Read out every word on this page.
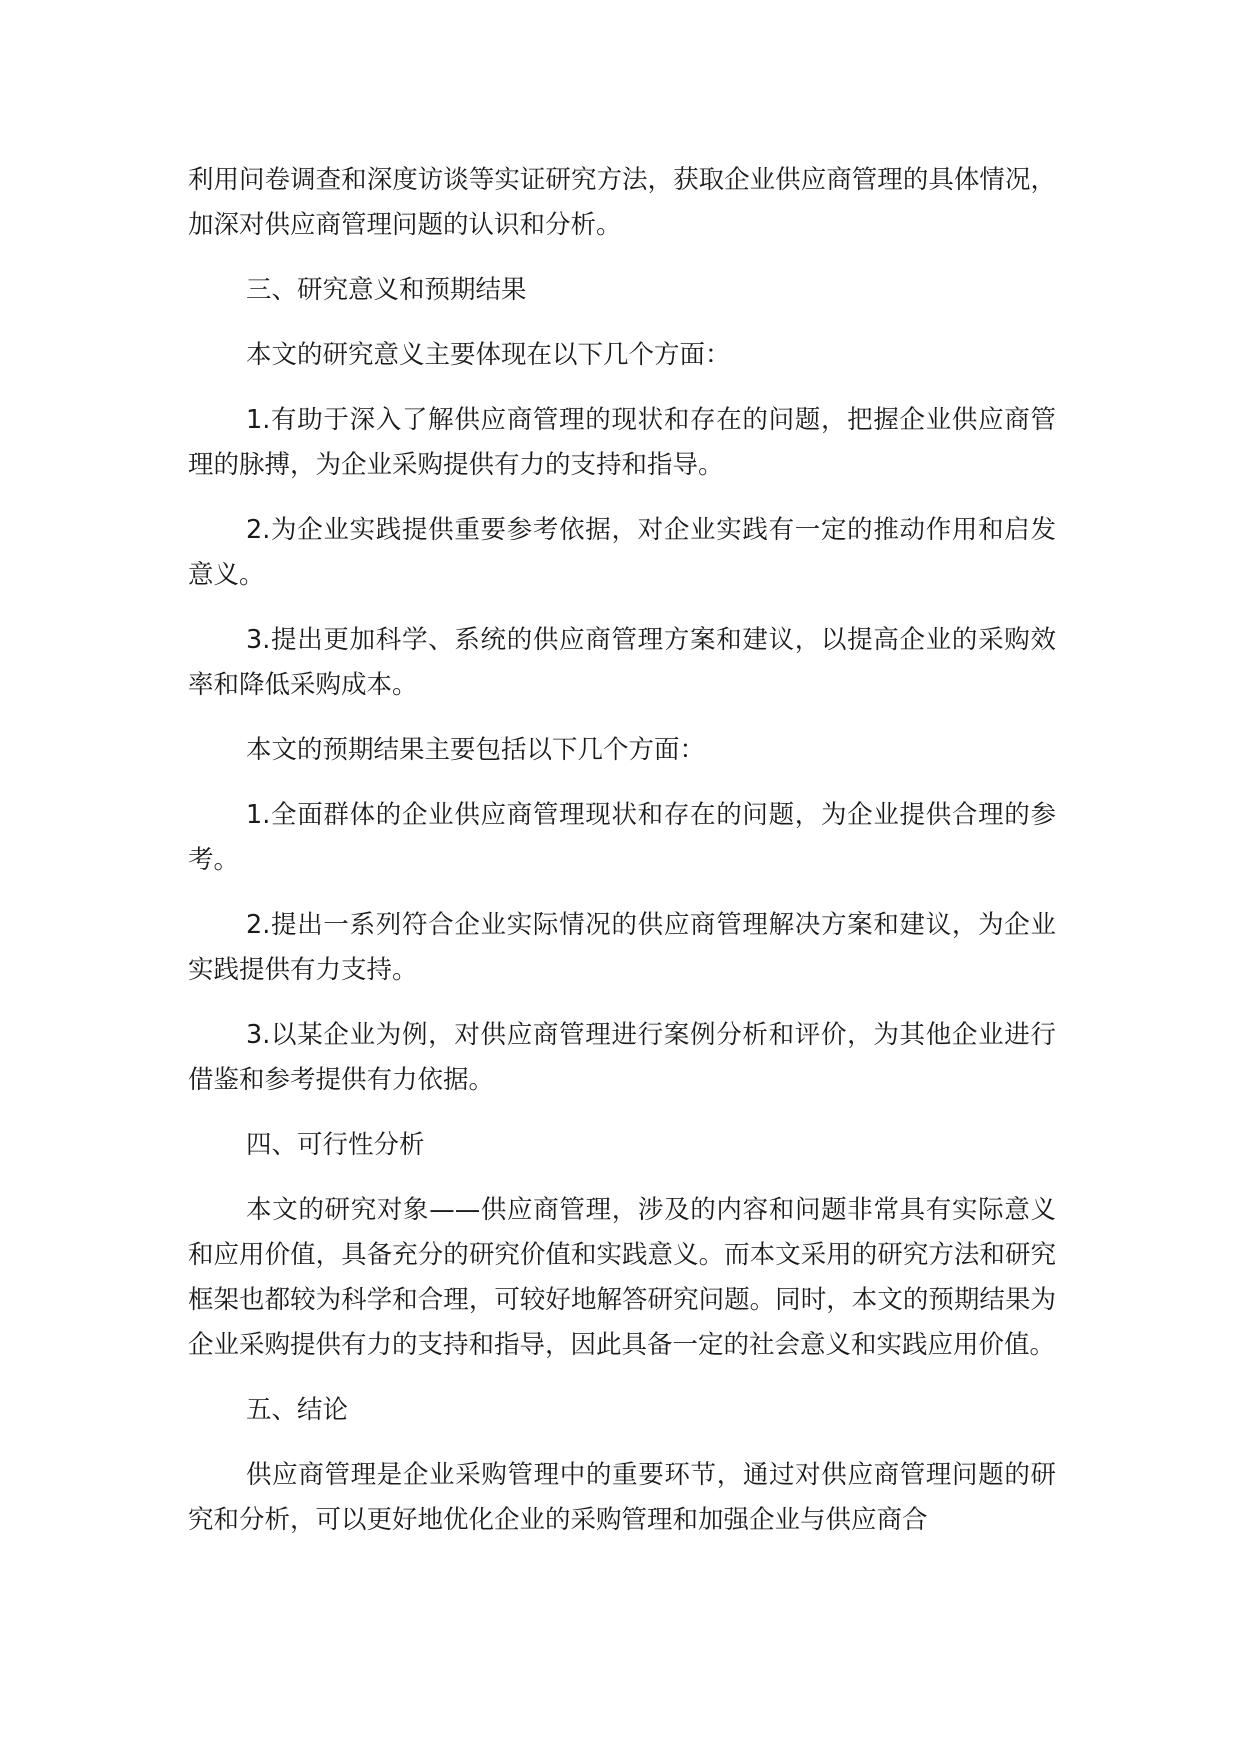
利用问卷调查和深度访谈等实证研究方法，获取企业供应商管理的具体情况，加深对供应商管理问题的认识和分析。

三、研究意义和预期结果

本文的研究意义主要体现在以下几个方面：

1.有助于深入了解供应商管理的现状和存在的问题，把握企业供应商管理的脉搏，为企业采购提供有力的支持和指导。

2.为企业实践提供重要参考依据，对企业实践有一定的推动作用和启发意义。

3.提出更加科学、系统的供应商管理方案和建议，以提高企业的采购效率和降低采购成本。

本文的预期结果主要包括以下几个方面：

1.全面群体的企业供应商管理现状和存在的问题，为企业提供合理的参考。

2.提出一系列符合企业实际情况的供应商管理解决方案和建议，为企业实践提供有力支持。

3.以某企业为例，对供应商管理进行案例分析和评价，为其他企业进行借鉴和参考提供有力依据。

四、可行性分析

本文的研究对象——供应商管理，涉及的内容和问题非常具有实际意义和应用价值，具备充分的研究价值和实践意义。而本文采用的研究方法和研究框架也都较为科学和合理，可较好地解答研究问题。同时，本文的预期结果为企业采购提供有力的支持和指导，因此具备一定的社会意义和实践应用价值。

五、结论

供应商管理是企业采购管理中的重要环节，通过对供应商管理问题的研究和分析，可以更好地优化企业的采购管理和加强企业与供应商合
